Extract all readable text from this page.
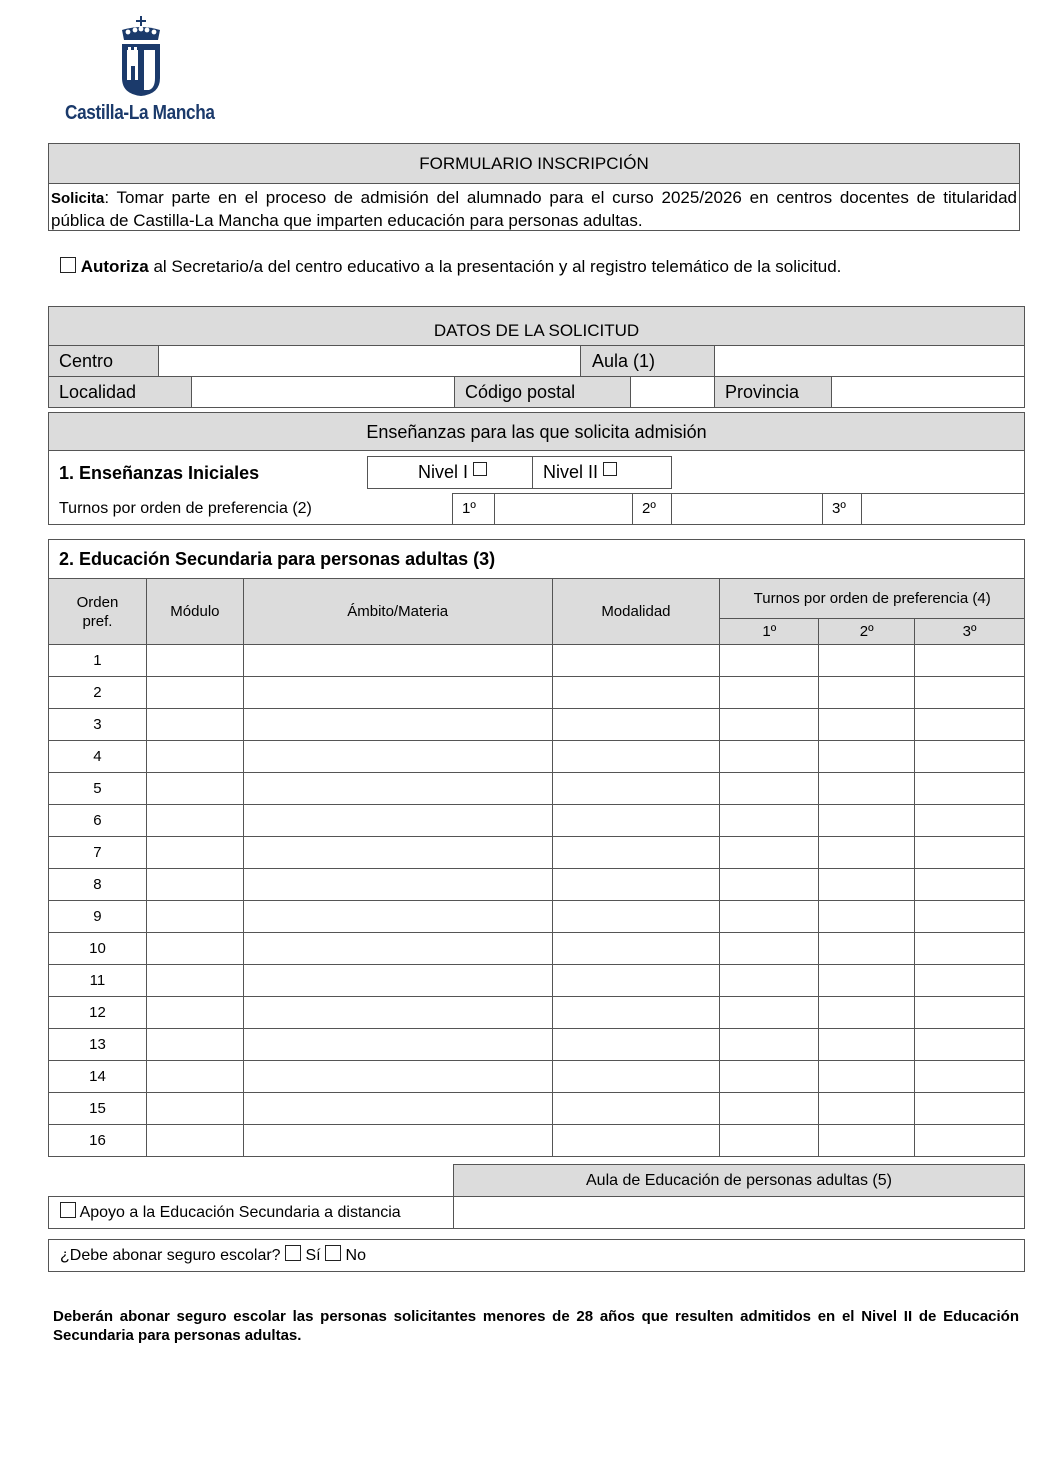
Castilla-La Mancha
FORMULARIO INSCRIPCIÓN
Solicita: Tomar parte en el proceso de admisión del alumnado para el curso 2025/2026 en centros docentes de titularidad pública de Castilla-La Mancha que imparten educación para personas adultas.
Autoriza al Secretario/a del centro educativo a la presentación y al registro telemático de la solicitud.
DATOS DE LA SOLICITUD
Centro	Aula (1)
Localidad	Código postal	Provincia
Enseñanzas para las que solicita admisión
1. Enseñanzas Iniciales	Nivel I	Nivel II
Turnos por orden de preferencia (2)	1º	2º	3º
2. Educación Secundaria para personas adultas (3)
Orden pref.	Módulo	Ámbito/Materia	Modalidad	Turnos por orden de preferencia (4)		
				1º	2º	3º
1						
2						
3						
4						
5						
6						
7						
8						
9						
10						
11						
12						
13						
14						
15						
16						
Aula de Educación de personas adultas (5)
Apoyo a la Educación Secundaria a distancia
¿Debe abonar seguro escolar? Sí No
Deberán abonar seguro escolar las personas solicitantes menores de 28 años que resulten admitidos en el Nivel II de Educación Secundaria para personas adultas.
